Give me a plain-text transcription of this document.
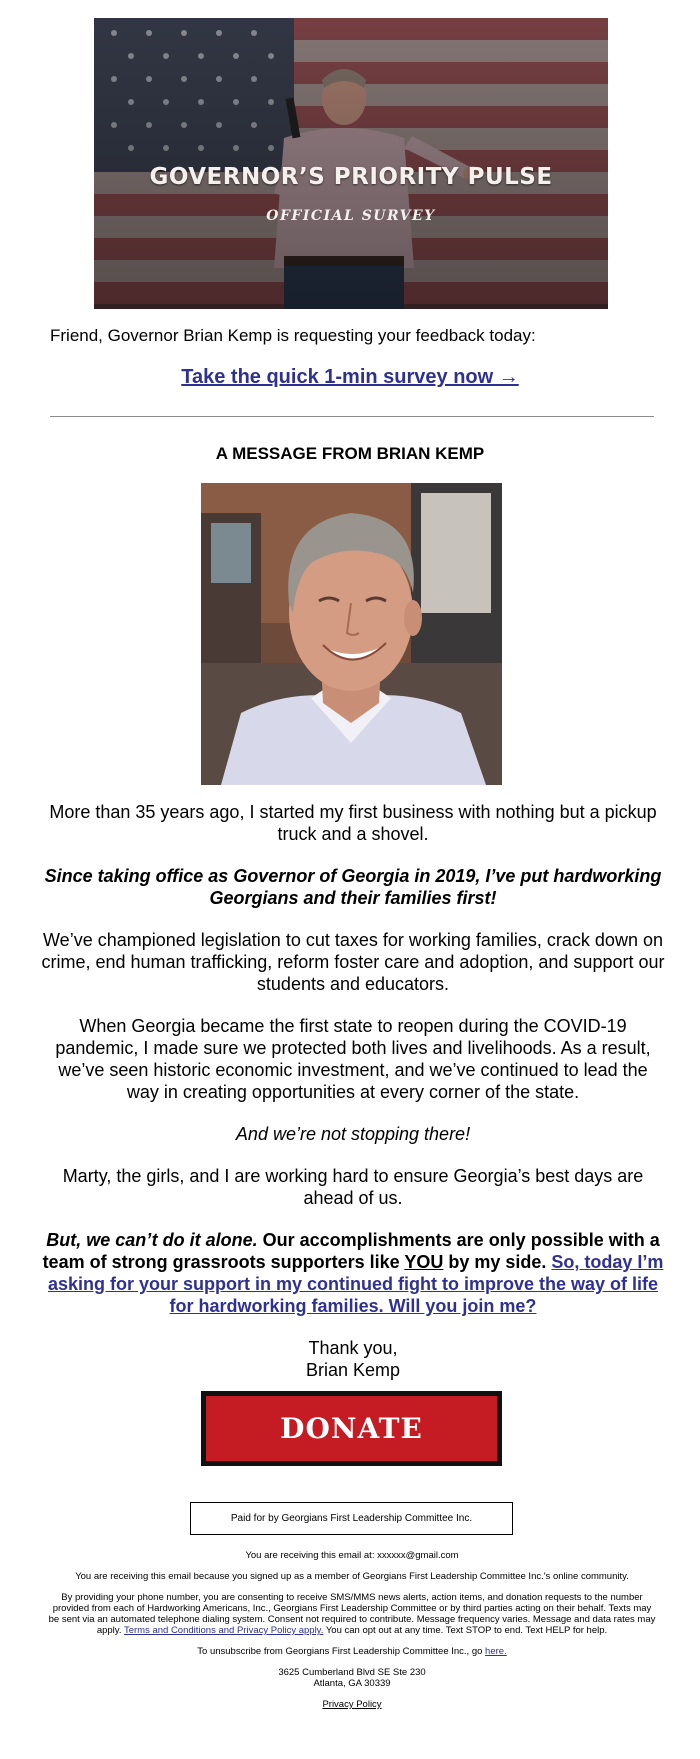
GOVERNOR’S PRIORITY PULSE
OFFICIAL SURVEY
Friend, Governor Brian Kemp is requesting your feedback today:
Take the quick 1-min survey now →
A MESSAGE FROM BRIAN KEMP

More than 35 years ago, I started my first business with nothing but a pickup truck and a shovel.

Since taking office as Governor of Georgia in 2019, I’ve put hardworking Georgians and their families first!

We’ve championed legislation to cut taxes for working families, crack down on crime, end human trafficking, reform foster care and adoption, and support our students and educators.

When Georgia became the first state to reopen during the COVID-19 pandemic, I made sure we protected both lives and livelihoods. As a result, we’ve seen historic economic investment, and we’ve continued to lead the way in creating opportunities at every corner of the state.

And we’re not stopping there!

Marty, the girls, and I are working hard to ensure Georgia’s best days are ahead of us.

But, we can’t do it alone. Our accomplishments are only possible with a team of strong grassroots supporters like YOU by my side. So, today I’m asking for your support in my continued fight to improve the way of life for hardworking families. Will you join me?

Thank you,
Brian Kemp

DONATE
Paid for by Georgians First Leadership Committee Inc.

You are receiving this email at: xxxxxx@gmail.com

You are receiving this email because you signed up as a member of Georgians First Leadership Committee Inc.'s online community.

By providing your phone number, you are consenting to receive SMS/MMS news alerts, action items, and donation requests to the number provided from each of Hardworking Americans, Inc., Georgians First Leadership Committee or by third parties acting on their behalf. Texts may be sent via an automated telephone dialing system. Consent not required to contribute. Message frequency varies. Message and data rates may apply. Terms and Conditions and Privacy Policy apply. You can opt out at any time. Text STOP to end. Text HELP for help.

To unsubscribe from Georgians First Leadership Committee Inc., go here.

3625 Cumberland Blvd SE Ste 230
Atlanta, GA 30339

Privacy Policy
